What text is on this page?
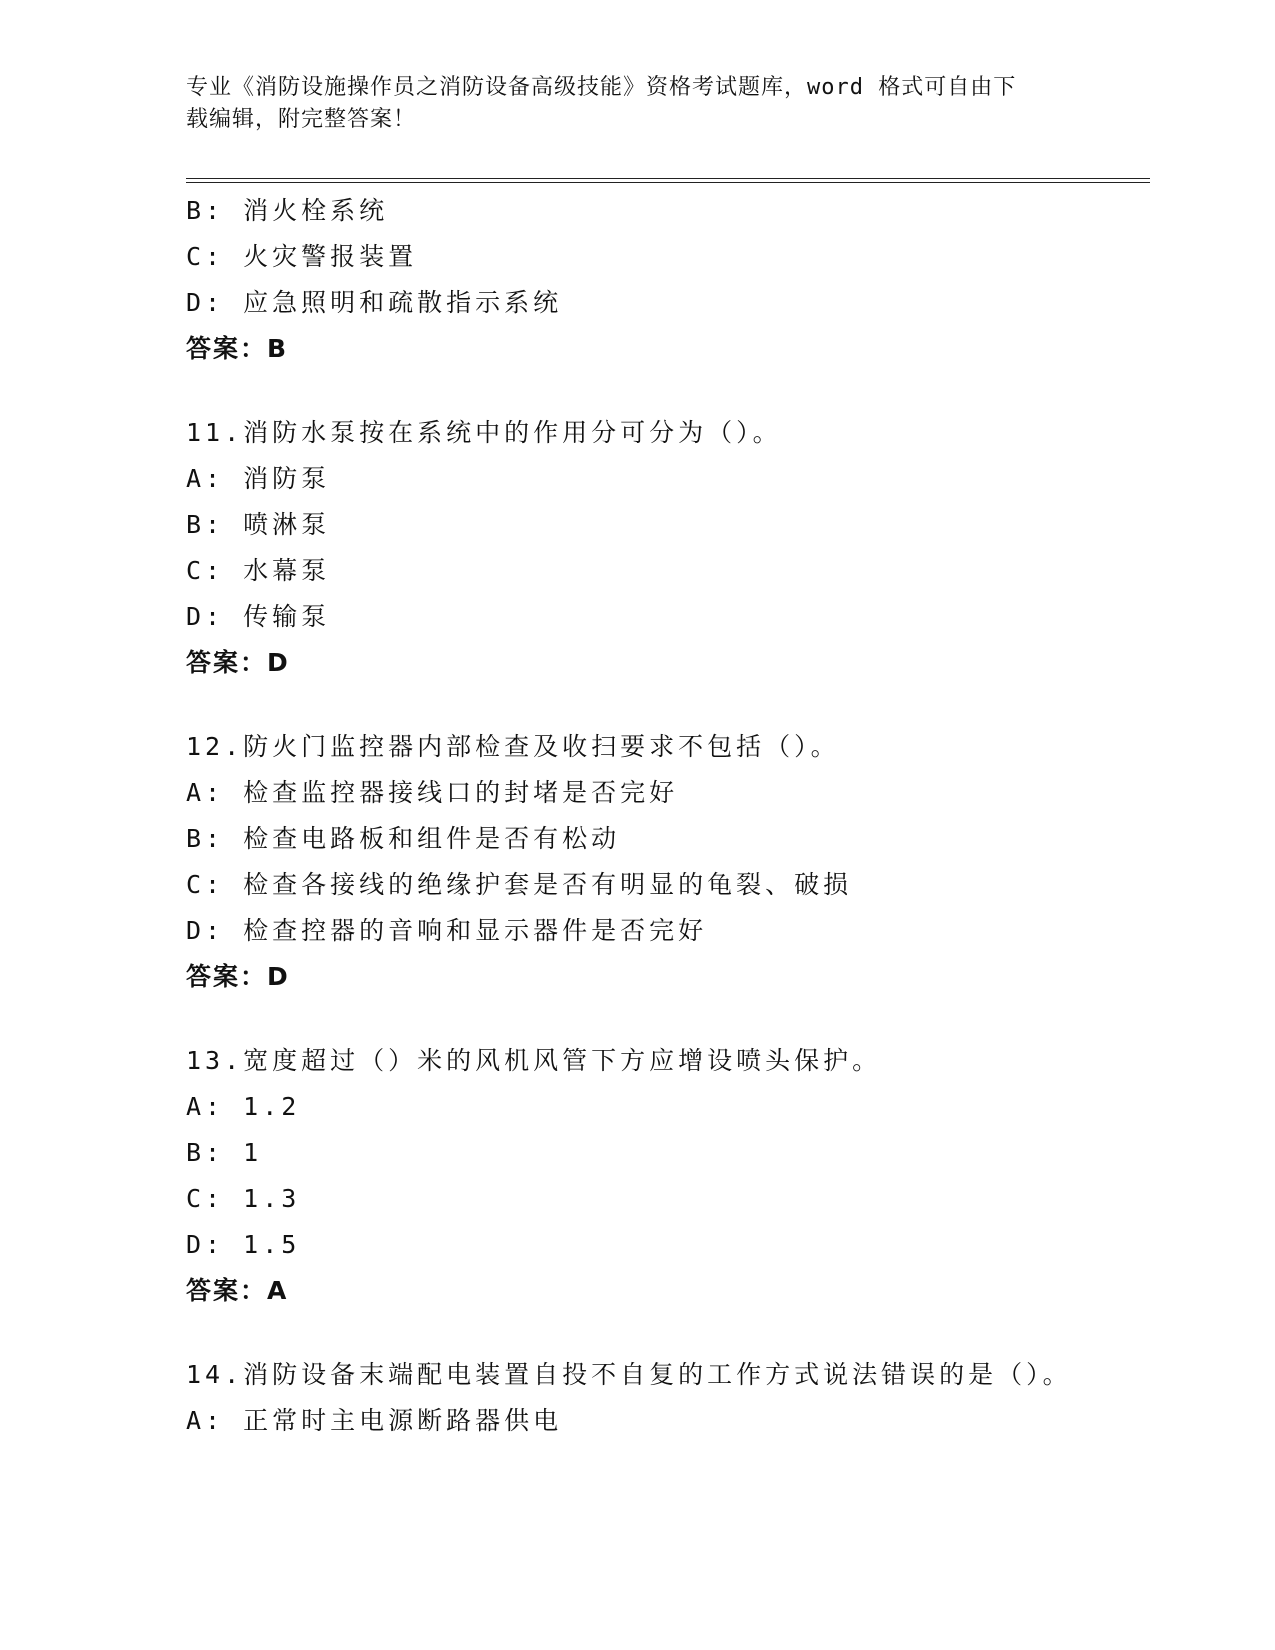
专业《消防设施操作员之消防设备高级技能》资格考试题库，word 格式可自由下
载编辑，附完整答案！
B: 消火栓系统
C: 火灾警报装置
D: 应急照明和疏散指示系统
答案：B
11.消防水泵按在系统中的作用分可分为（）。
A: 消防泵
B: 喷淋泵
C: 水幕泵
D: 传输泵
答案：D
12.防火门监控器内部检查及收扫要求不包括（）。
A: 检查监控器接线口的封堵是否完好
B: 检查电路板和组件是否有松动
C: 检查各接线的绝缘护套是否有明显的龟裂、破损
D: 检查控器的音响和显示器件是否完好
答案：D
13.宽度超过（）米的风机风管下方应增设喷头保护。
A: 1.2
B: 1
C: 1.3
D: 1.5
答案：A
14.消防设备末端配电装置自投不自复的工作方式说法错误的是（）。
A: 正常时主电源断路器供电
